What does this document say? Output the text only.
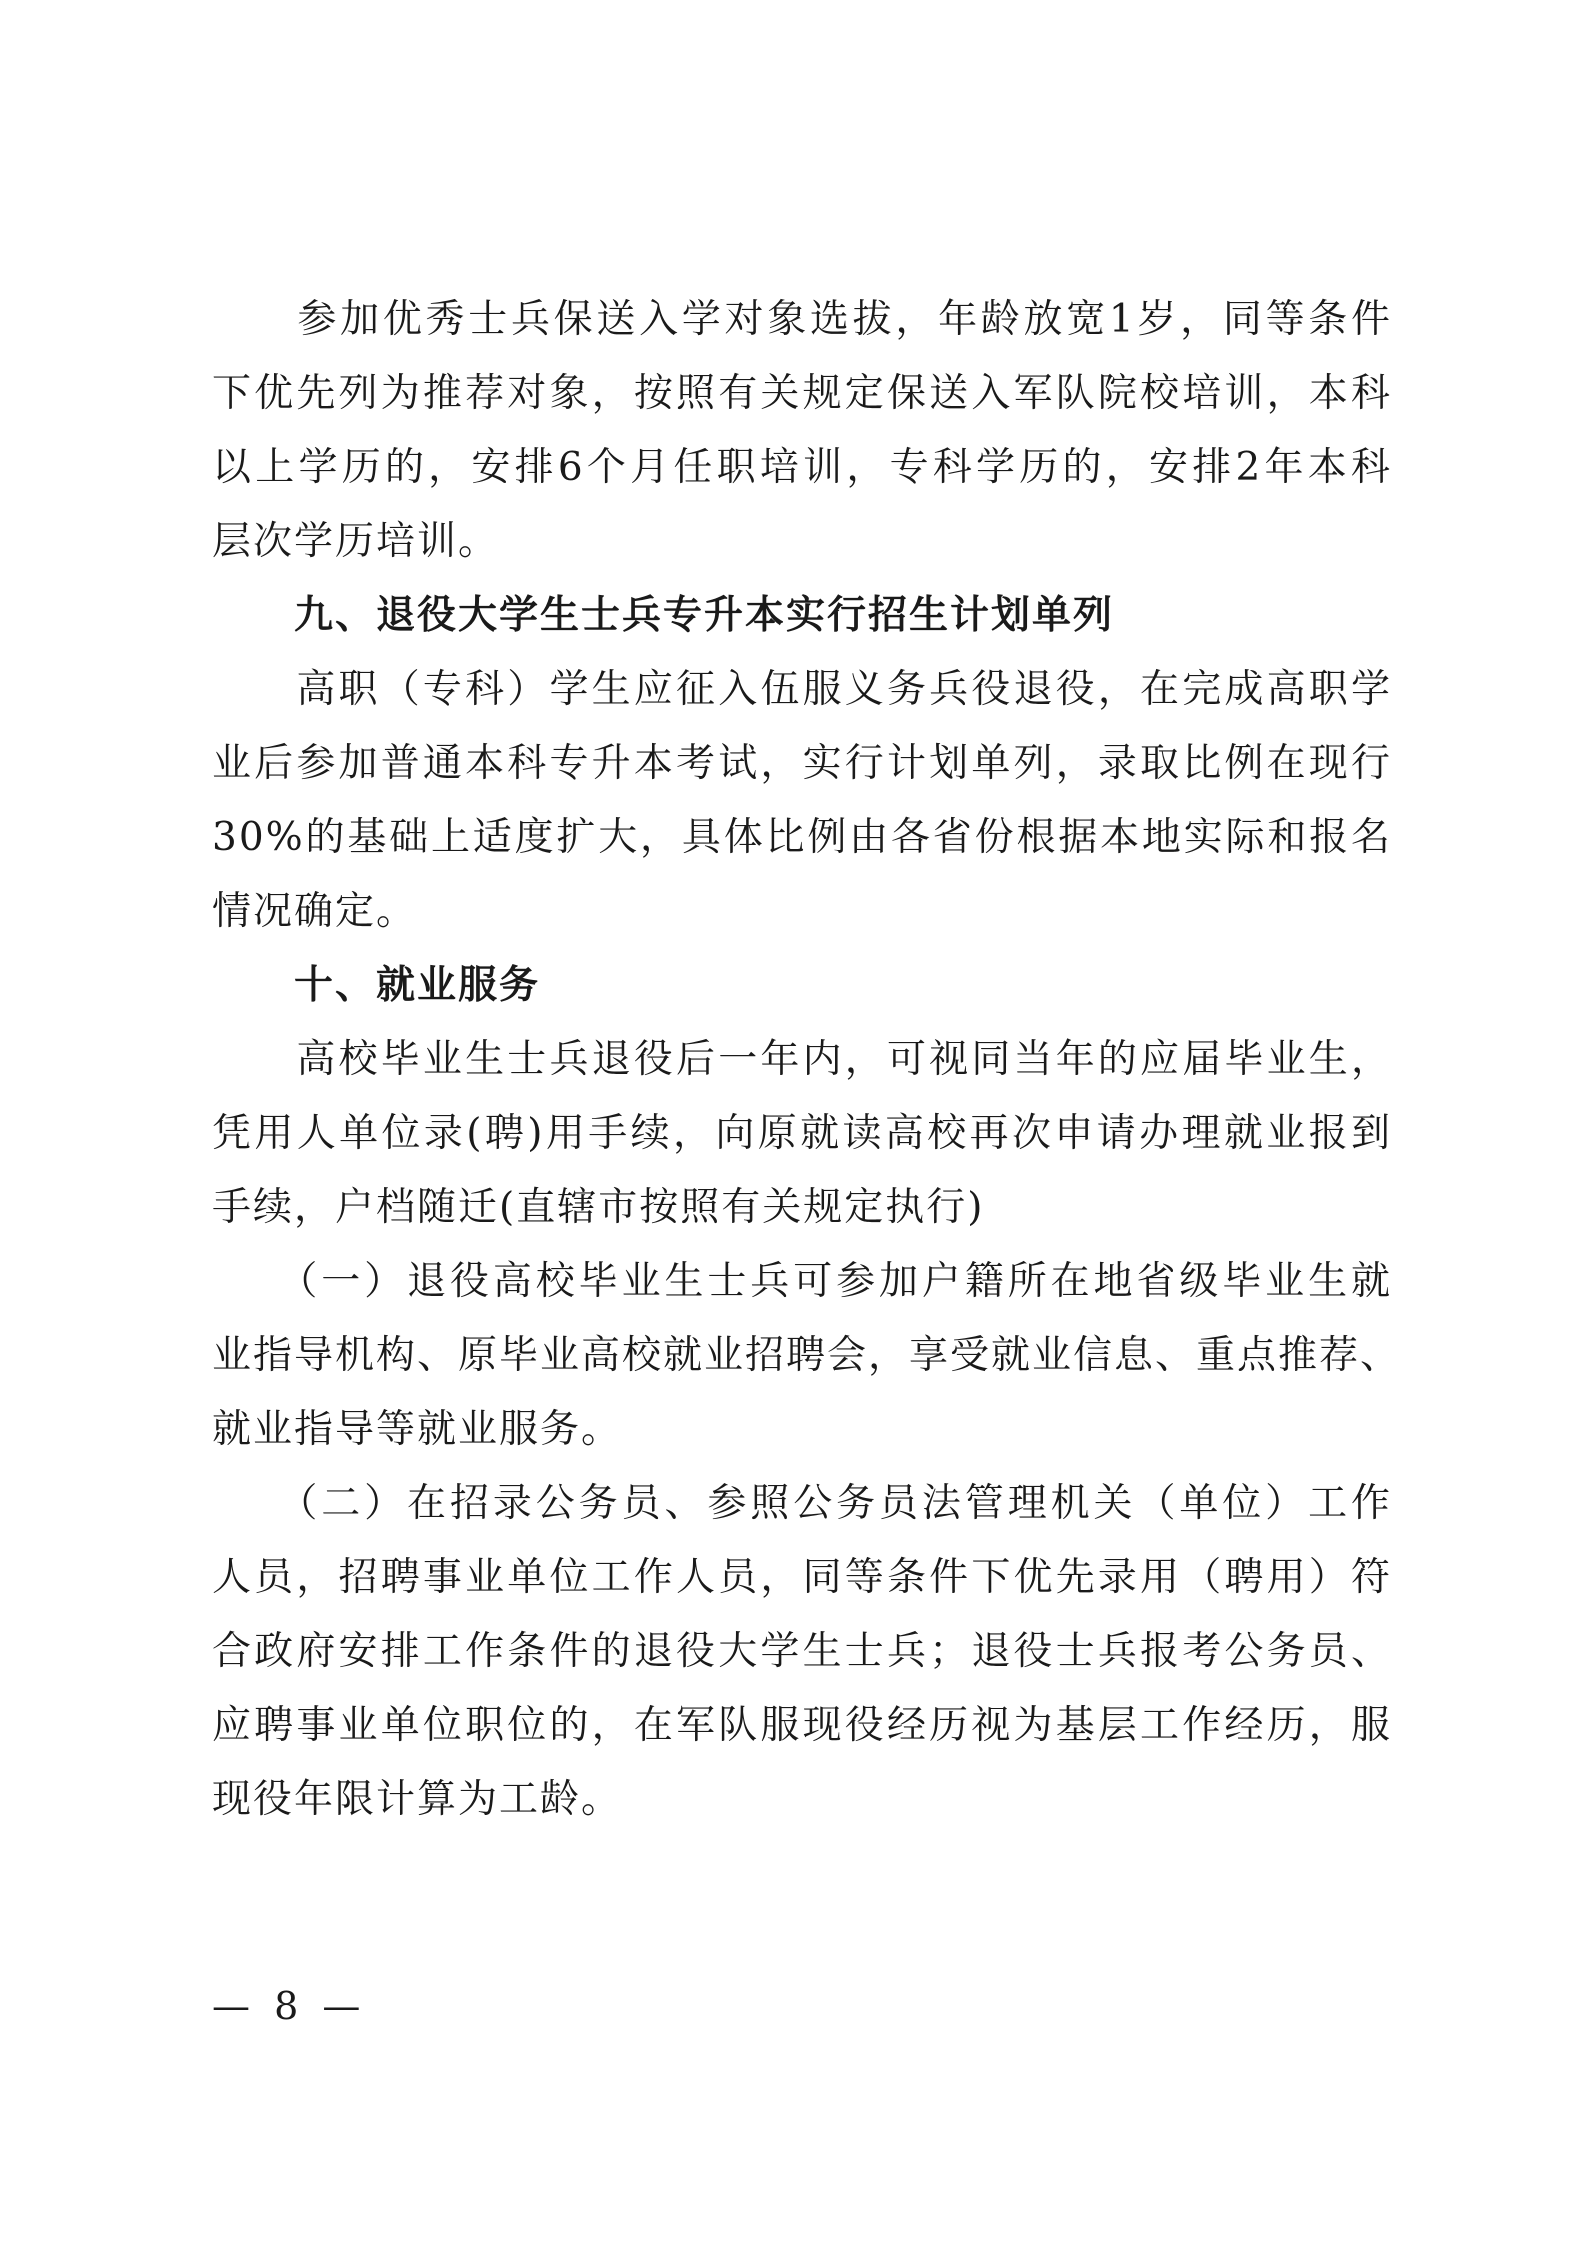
　　参加优秀士兵保送入学对象选拔，年龄放宽1岁，同等条件
下优先列为推荐对象，按照有关规定保送入军队院校培训，本科
以上学历的，安排6个月任职培训，专科学历的，安排2年本科
层次学历培训。
　　九、退役大学生士兵专升本实行招生计划单列
　　高职（专科）学生应征入伍服义务兵役退役，在完成高职学
业后参加普通本科专升本考试，实行计划单列，录取比例在现行
30%的基础上适度扩大，具体比例由各省份根据本地实际和报名
情况确定。
　　十、就业服务
　　高校毕业生士兵退役后一年内，可视同当年的应届毕业生，
凭用人单位录(聘)用手续，向原就读高校再次申请办理就业报到
手续，户档随迁(直辖市按照有关规定执行)
　　（一）退役高校毕业生士兵可参加户籍所在地省级毕业生就
业指导机构、原毕业高校就业招聘会，享受就业信息、重点推荐、
就业指导等就业服务。
　　（二）在招录公务员、参照公务员法管理机关（单位）工作
人员，招聘事业单位工作人员，同等条件下优先录用（聘用）符
合政府安排工作条件的退役大学生士兵；退役士兵报考公务员、
应聘事业单位职位的，在军队服现役经历视为基层工作经历，服
现役年限计算为工龄。
— 8 —
